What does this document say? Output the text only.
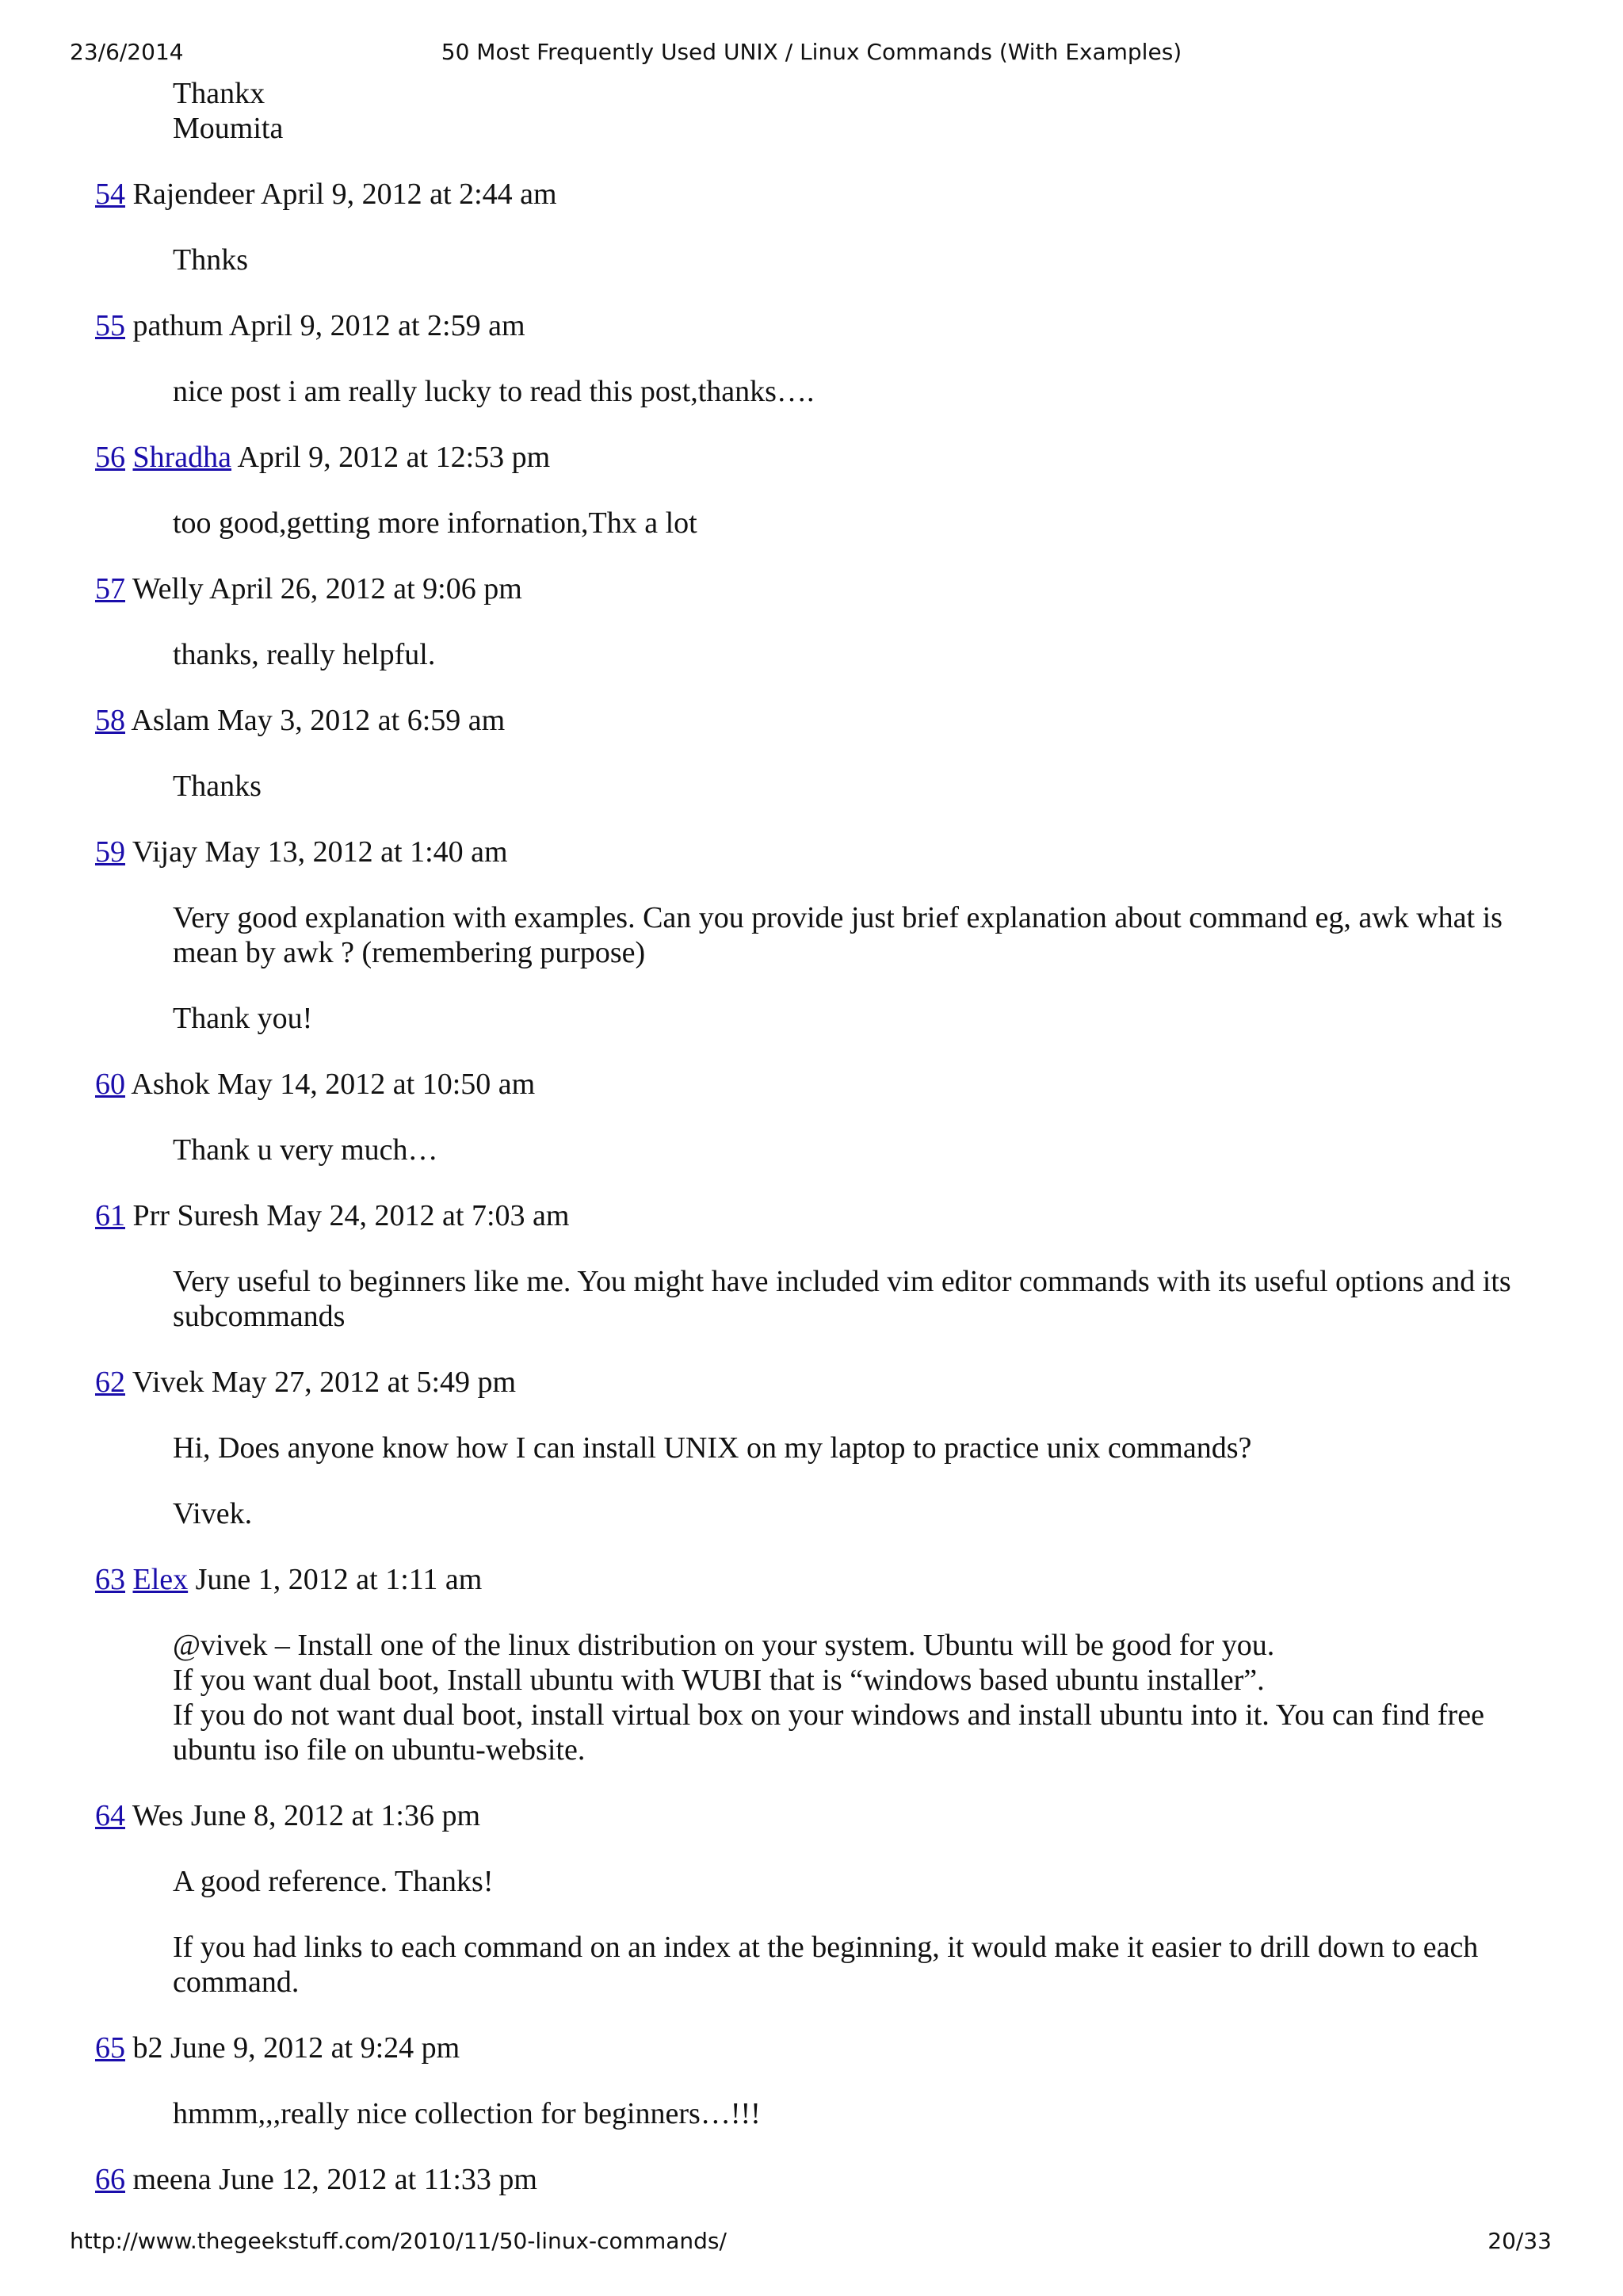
23/6/2014	50 Most Frequently Used UNIX / Linux Commands (With Examples)
Thankx
Moumita
54 Rajendeer April 9, 2012 at 2:44 am

Thnks

55 pathum April 9, 2012 at 2:59 am

nice post i am really lucky to read this post,thanks….

56 Shradha April 9, 2012 at 12:53 pm

too good,getting more infornation,Thx a lot

57 Welly April 26, 2012 at 9:06 pm

thanks, really helpful.

58 Aslam May 3, 2012 at 6:59 am

Thanks

59 Vijay May 13, 2012 at 1:40 am

Very good explanation with examples. Can you provide just brief explanation about command eg, awk what is mean by awk ? (remembering purpose)

Thank you!

60 Ashok May 14, 2012 at 10:50 am

Thank u very much…

61 Prr Suresh May 24, 2012 at 7:03 am

Very useful to beginners like me. You might have included vim editor commands with its useful options and its subcommands

62 Vivek May 27, 2012 at 5:49 pm

Hi, Does anyone know how I can install UNIX on my laptop to practice unix commands?

Vivek.

63 Elex June 1, 2012 at 1:11 am

@vivek – Install one of the linux distribution on your system. Ubuntu will be good for you.
If you want dual boot, Install ubuntu with WUBI that is “windows based ubuntu installer”.
If you do not want dual boot, install virtual box on your windows and install ubuntu into it. You can find free ubuntu iso file on ubuntu-website.

64 Wes June 8, 2012 at 1:36 pm

A good reference. Thanks!

If you had links to each command on an index at the beginning, it would make it easier to drill down to each command.

65 b2 June 9, 2012 at 9:24 pm

hmmm,,,really nice collection for beginners…!!!

66 meena June 12, 2012 at 11:33 pm
http://www.thegeekstuff.com/2010/11/50-linux-commands/	20/33
